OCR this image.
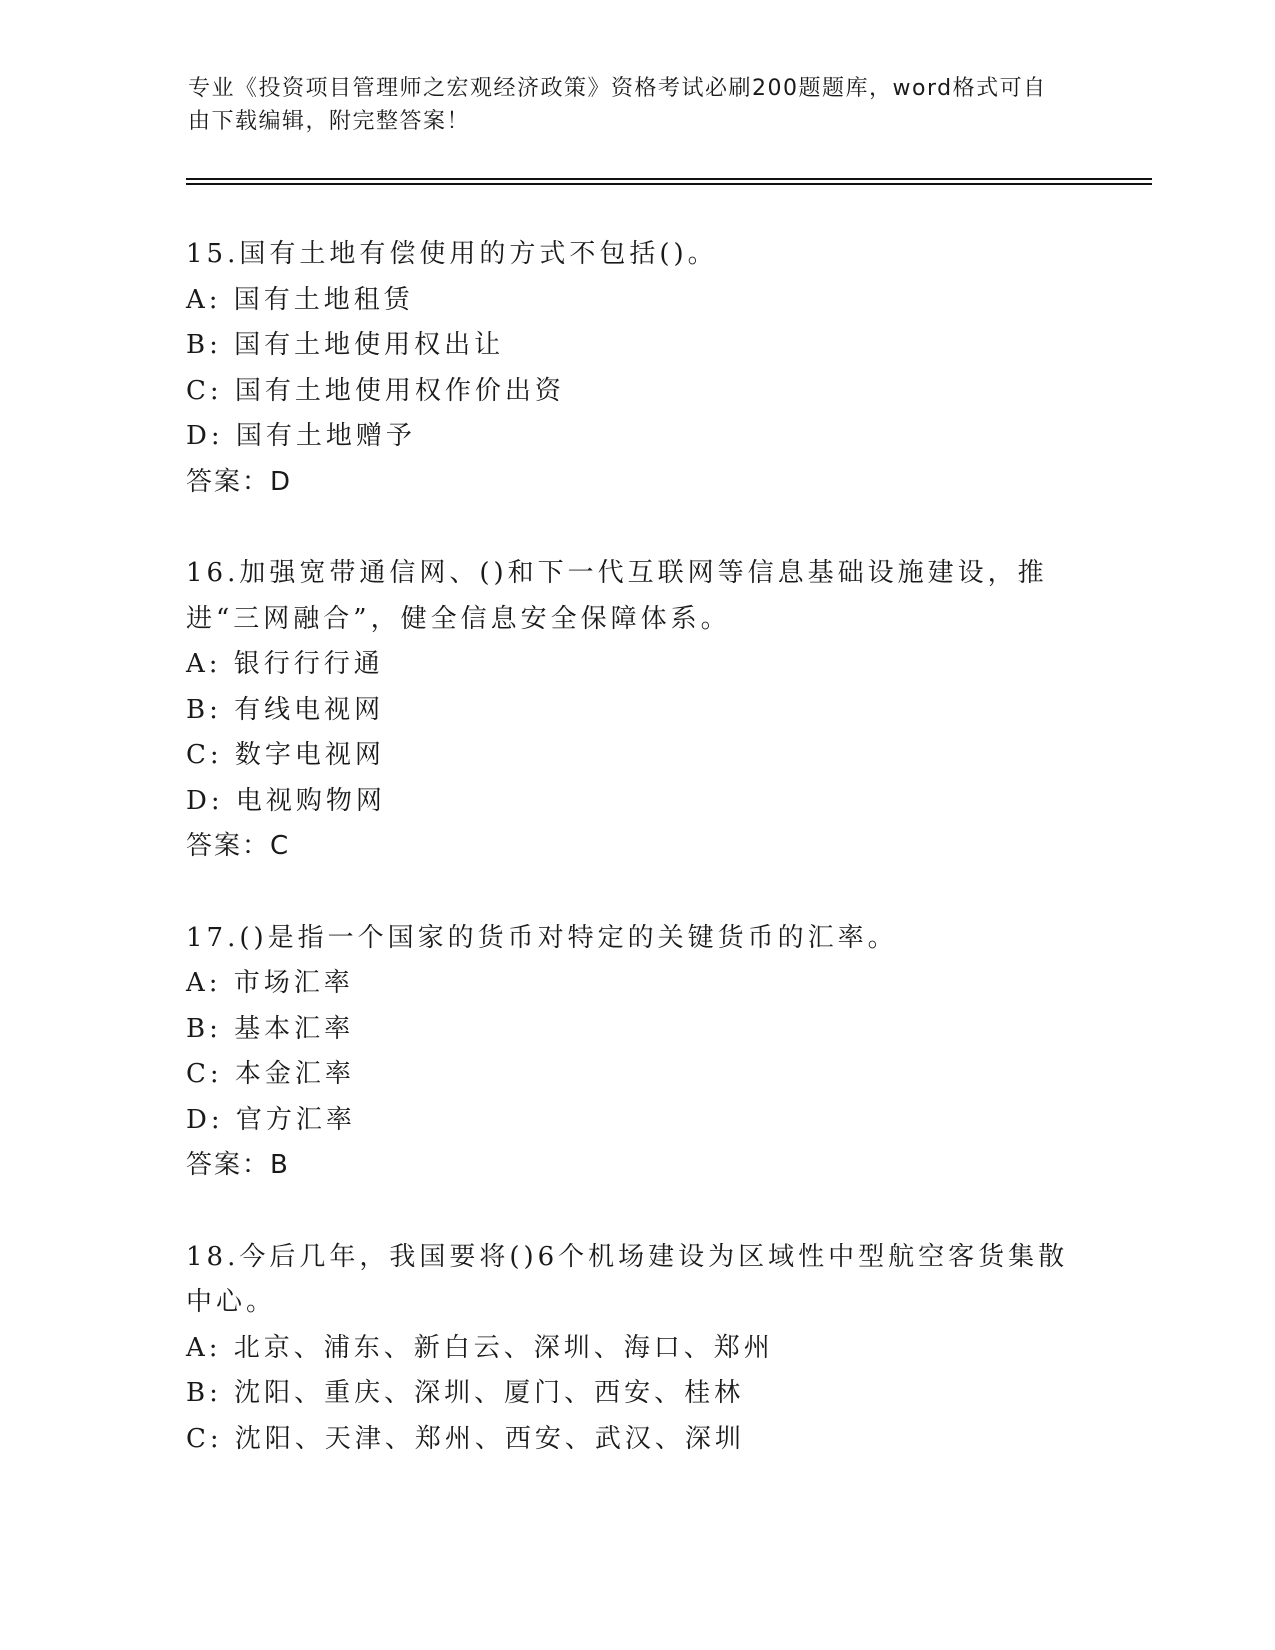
专业《投资项目管理师之宏观经济政策》资格考试必刷200题题库，word格式可自由下载编辑，附完整答案！
15.国有土地有偿使用的方式不包括()。
A: 国有土地租赁
B: 国有土地使用权出让
C: 国有土地使用权作价出资
D: 国有土地赠予
答案：D
16.加强宽带通信网、()和下一代互联网等信息基础设施建设，推进“三网融合”，健全信息安全保障体系。
A: 银行行行通
B: 有线电视网
C: 数字电视网
D: 电视购物网
答案：C
17.()是指一个国家的货币对特定的关键货币的汇率。
A: 市场汇率
B: 基本汇率
C: 本金汇率
D: 官方汇率
答案：B
18.今后几年，我国要将()6个机场建设为区域性中型航空客货集散中心。
A: 北京、浦东、新白云、深圳、海口、郑州
B: 沈阳、重庆、深圳、厦门、西安、桂林
C: 沈阳、天津、郑州、西安、武汉、深圳
